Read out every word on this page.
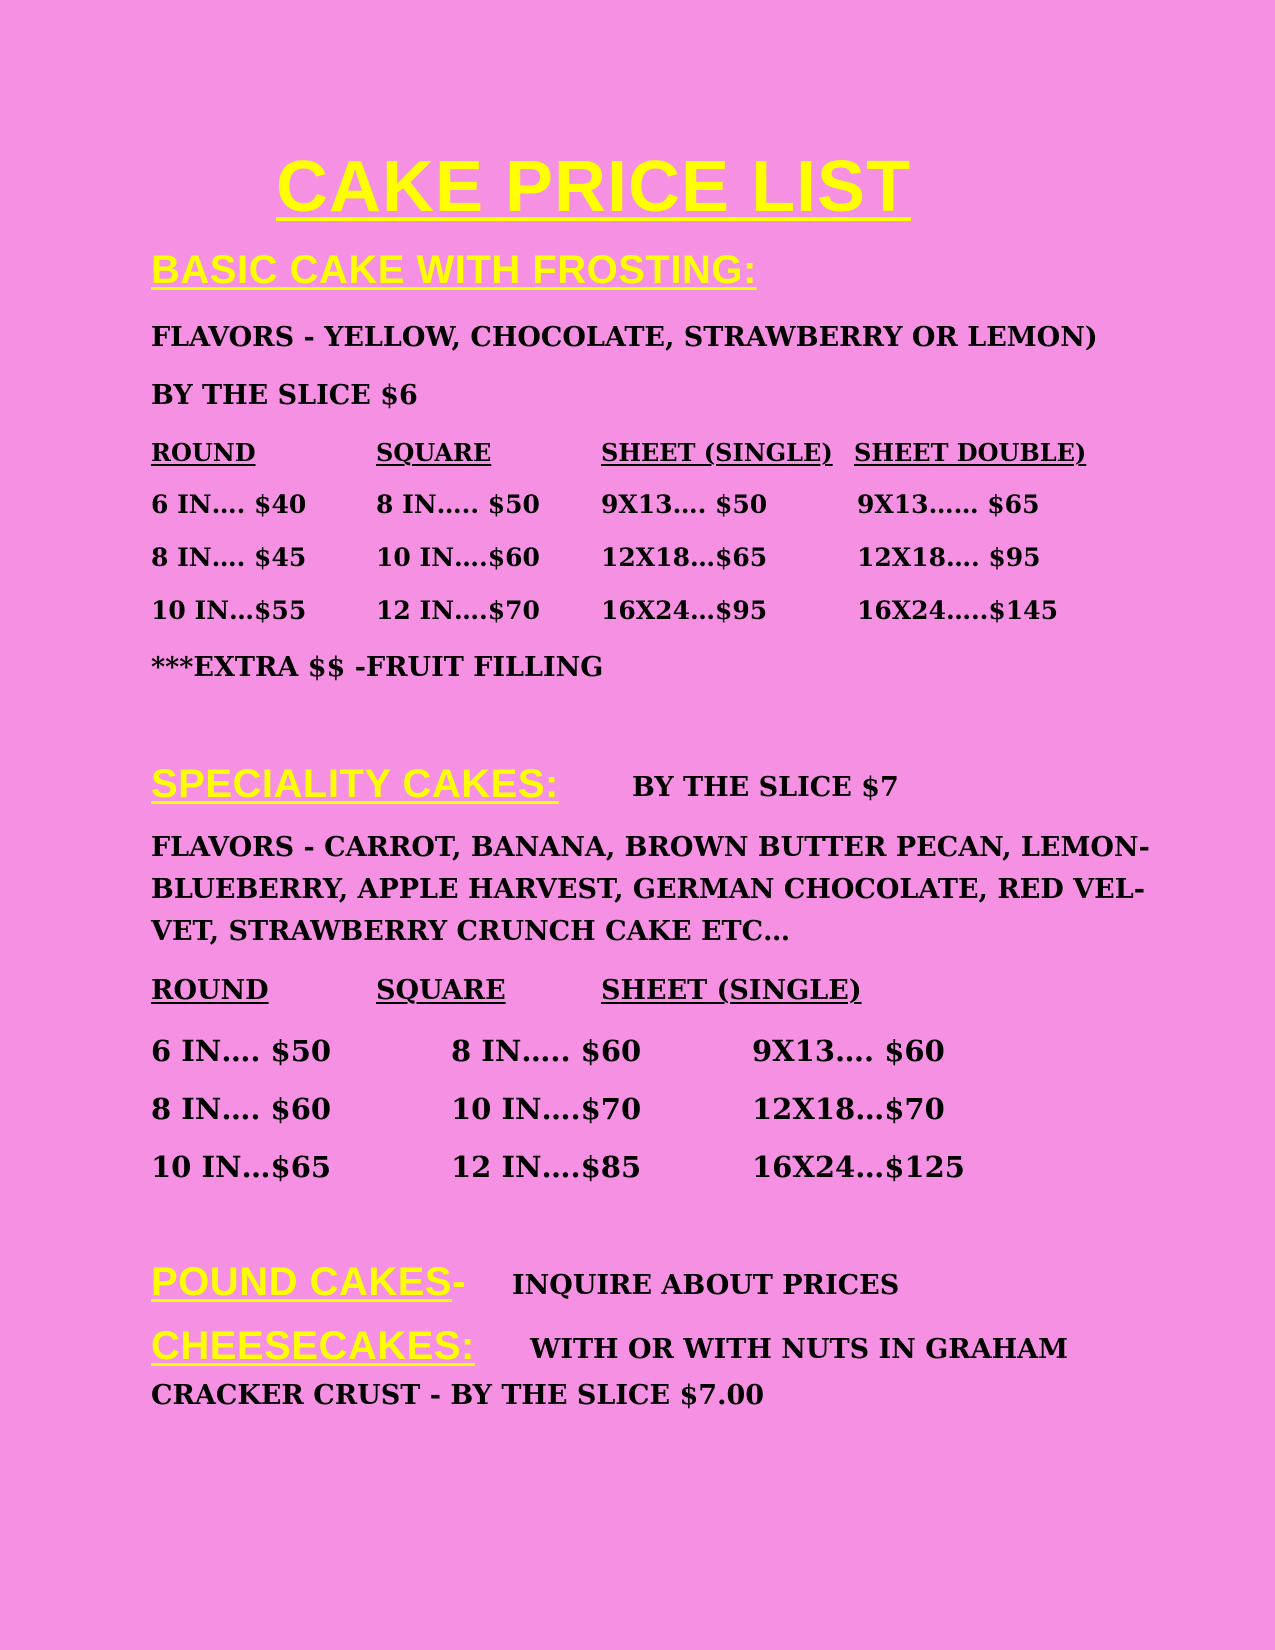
CAKE PRICE LIST
BASIC CAKE WITH FROSTING:
FLAVORS - YELLOW, CHOCOLATE, STRAWBERRY OR LEMON)
BY THE SLICE $6
ROUND	SQUARE	SHEET (SINGLE) SHEET DOUBLE)
6 IN…. $40	8 IN….. $50 9X13…. $50	9X13…… $65
8 IN…. $45	10 IN….$60 12X18…$65	12X18…. $95
10 IN…$55	12 IN….$70 16X24…$95	16X24…..$145
***EXTRA $$ -FRUIT FILLING
SPECIALITY CAKES:	BY THE SLICE $7
FLAVORS - CARROT, BANANA, BROWN BUTTER PECAN, LEMON-
BLUEBERRY, APPLE HARVEST, GERMAN CHOCOLATE, RED VEL-
VET, STRAWBERRY CRUNCH CAKE ETC…
ROUND	SQUARE	SHEET (SINGLE)
6 IN…. $50	8 IN….. $60	9X13…. $60
8 IN…. $60	10 IN….$70	12X18…$70
10 IN…$65	12 IN….$85	16X24…$125
POUND CAKES- INQUIRE ABOUT PRICES
CHEESECAKES: WITH OR WITH NUTS IN GRAHAM
CRACKER CRUST - BY THE SLICE $7.00
